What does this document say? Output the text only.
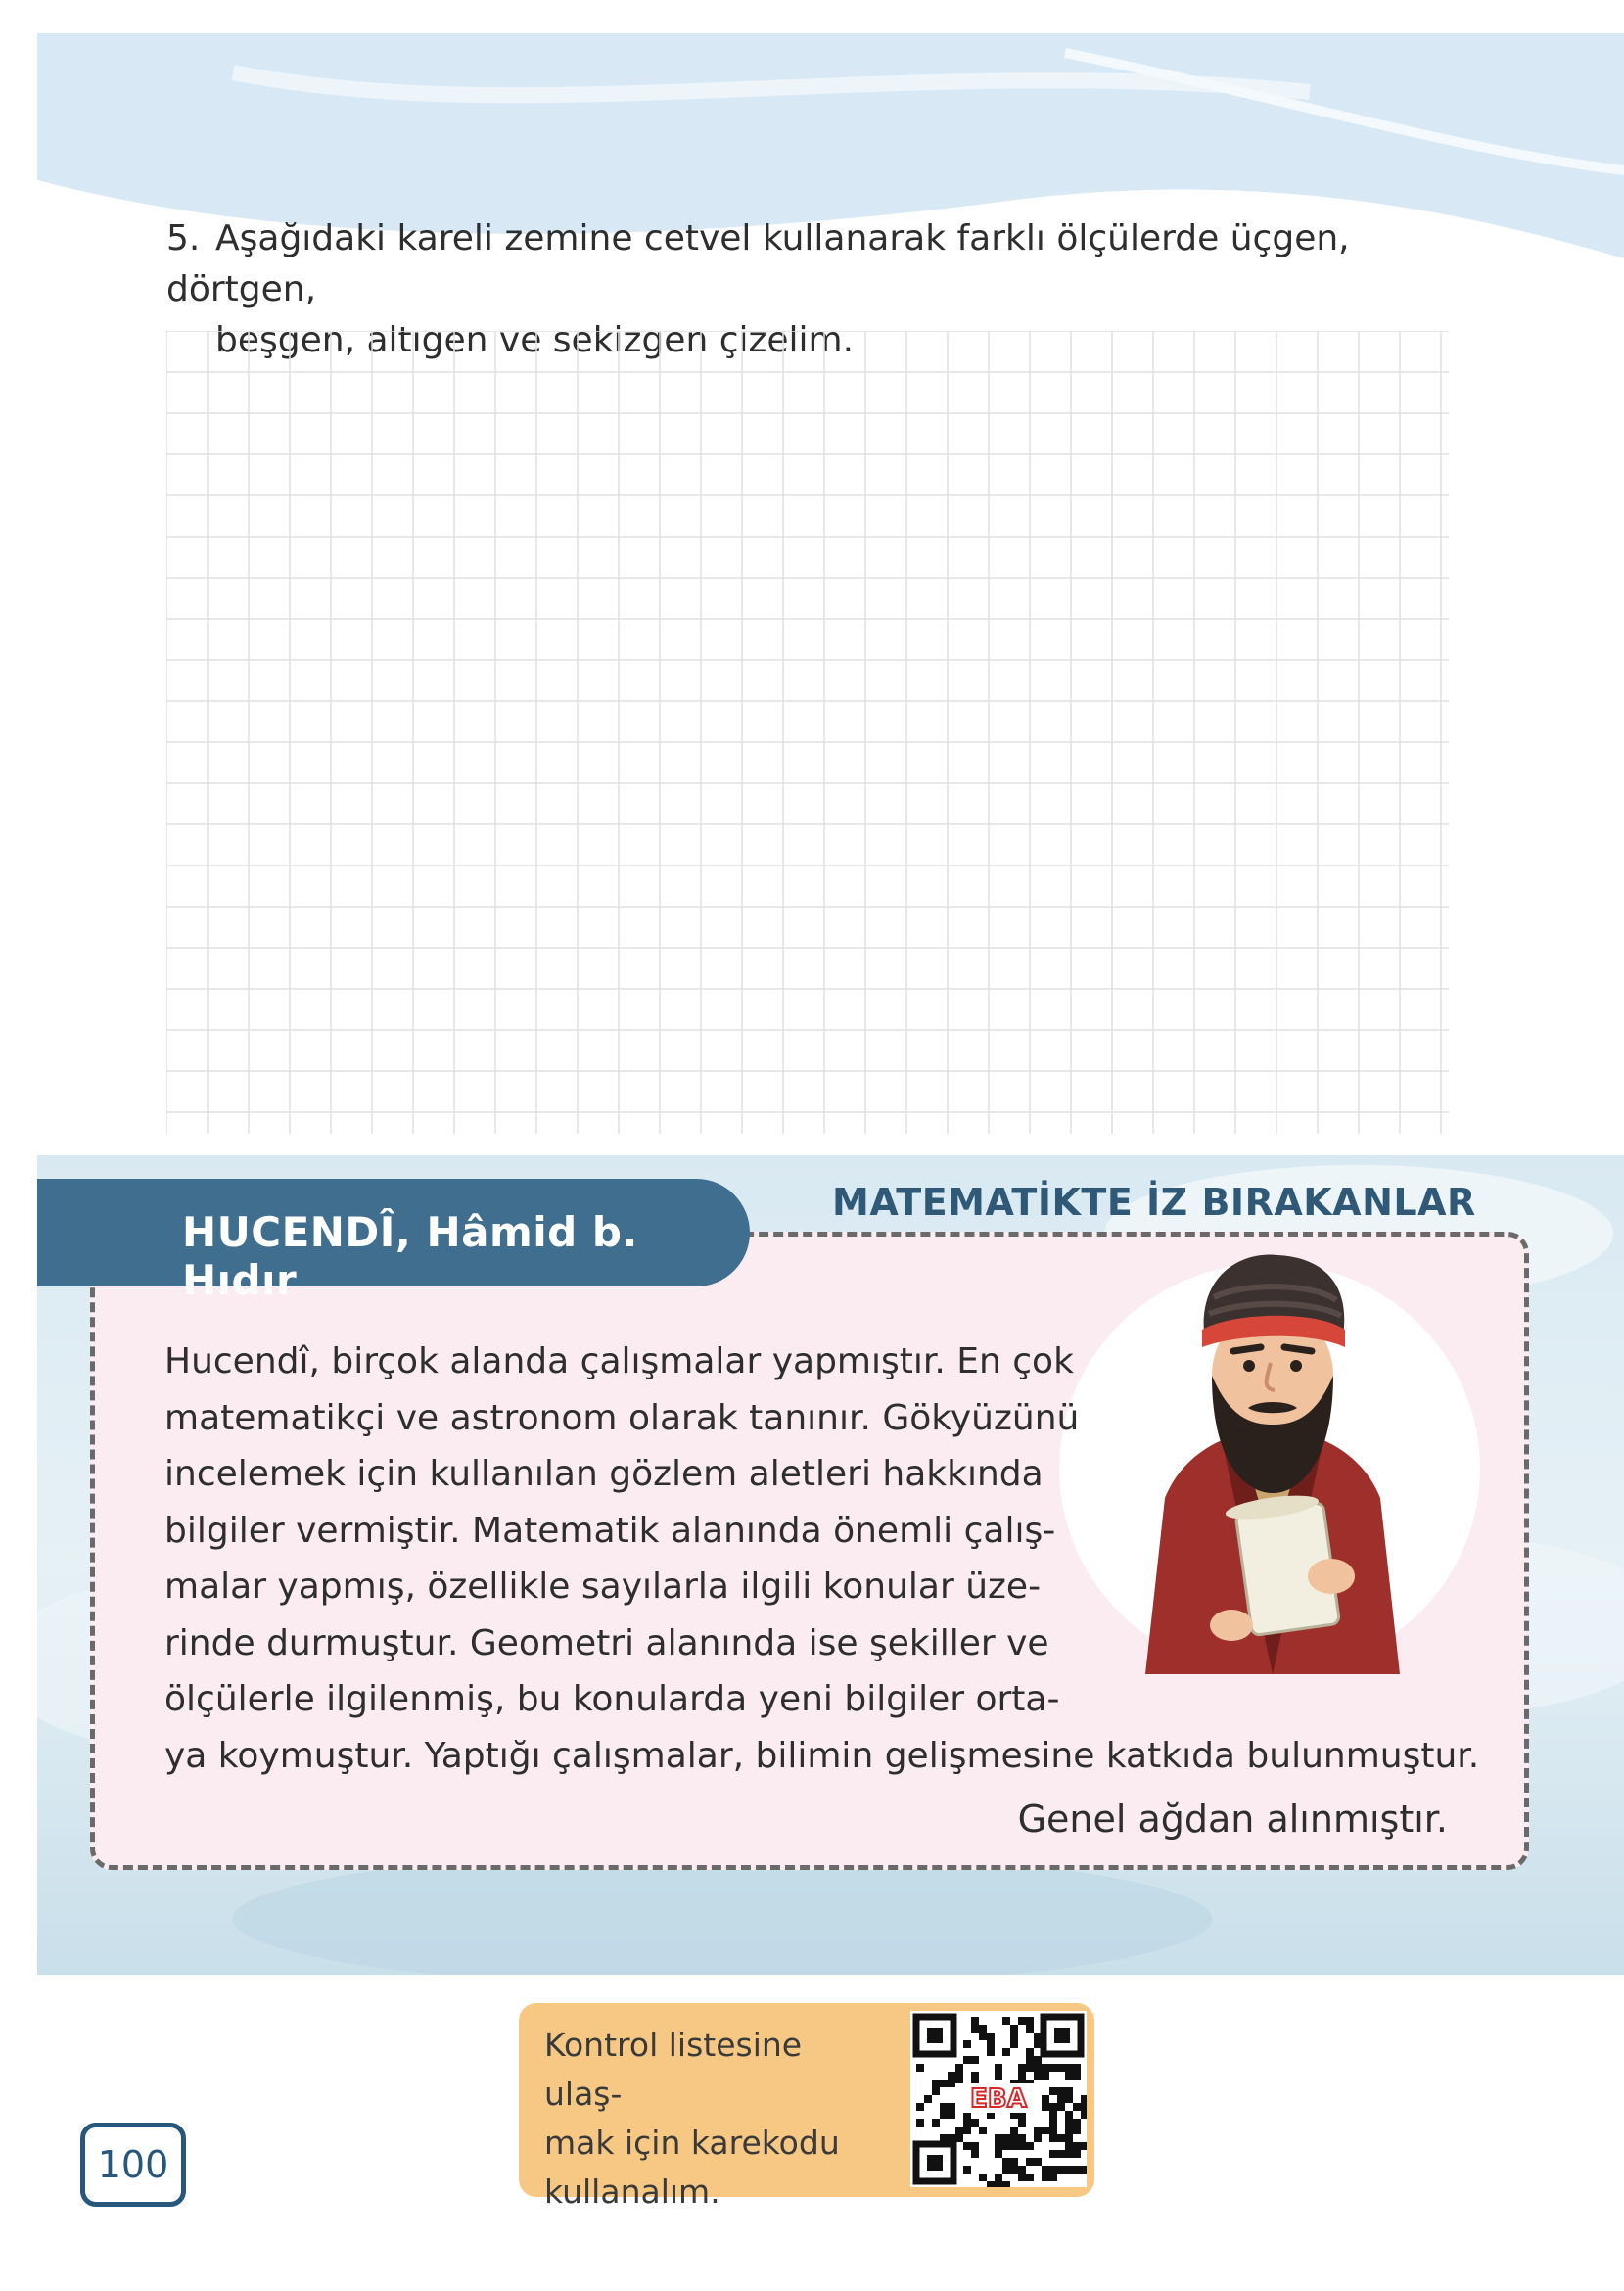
5. Aşağıdaki kareli zemine cetvel kullanarak farklı ölçülerde üçgen, dörtgen,
beşgen, altıgen ve sekizgen çizelim.
HUCENDÎ, Hâmid b. Hıdır
MATEMATİKTE İZ BIRAKANLAR
Hucendî, birçok alanda çalışmalar yapmıştır. En çok
matematikçi ve astronom olarak tanınır. Gökyüzünü
incelemek için kullanılan gözlem aletleri hakkında
bilgiler vermiştir. Matematik alanında önemli çalış-
malar yapmış, özellikle sayılarla ilgili konular üze-
rinde durmuştur. Geometri alanında ise şekiller ve
ölçülerle ilgilenmiş, bu konularda yeni bilgiler orta-
ya koymuştur. Yaptığı çalışmalar, bilimin gelişmesine katkıda bulunmuştur.
Genel ağdan alınmıştır.
Kontrol listesine ulaş-
mak için karekodu
kullanalım.
EBA
100
